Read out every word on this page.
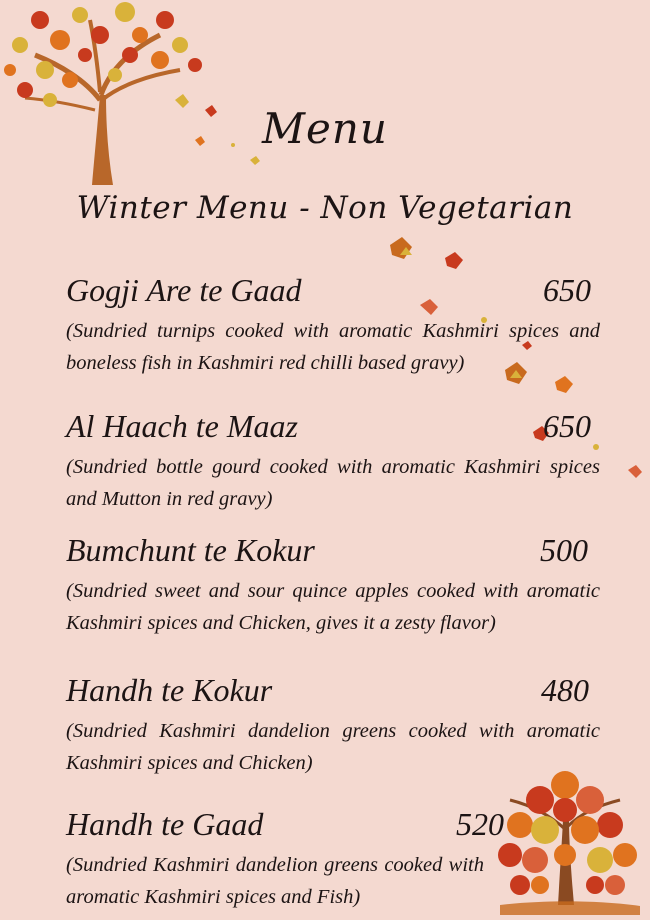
Menu
Winter Menu - Non Vegetarian
Gogji Are te Gaad	650
(Sundried turnips cooked with aromatic Kashmiri spices and boneless fish in Kashmiri red chilli based gravy)
Al Haach te Maaz	650
(Sundried bottle gourd cooked with aromatic Kashmiri spices and Mutton in red gravy)
Bumchunt te Kokur	500
(Sundried sweet and sour quince apples cooked with aromatic Kashmiri spices and Chicken, gives it a zesty flavor)
Handh te Kokur	480
(Sundried Kashmiri dandelion greens cooked with aromatic Kashmiri spices and Chicken)
Handh te Gaad	520
(Sundried Kashmiri dandelion greens cooked with aromatic Kashmiri spices and Fish)
